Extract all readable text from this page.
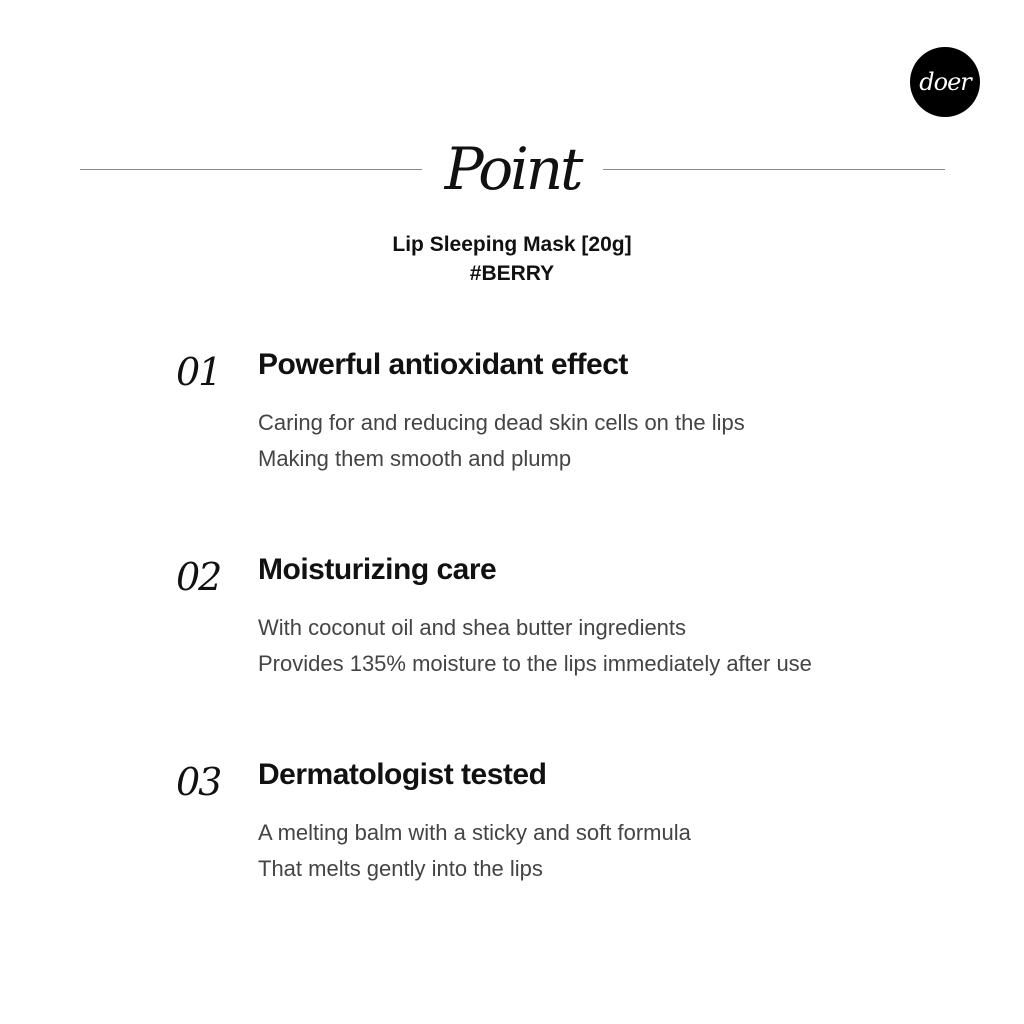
doer
Point
Lip Sleeping Mask [20g]
#BERRY
01	Powerful antioxidant effect
Caring for and reducing dead skin cells on the lips
Making them smooth and plump
02	Moisturizing care
With coconut oil and shea butter ingredients
Provides 135% moisture to the lips immediately after use
03	Dermatologist tested
A melting balm with a sticky and soft formula
That melts gently into the lips
